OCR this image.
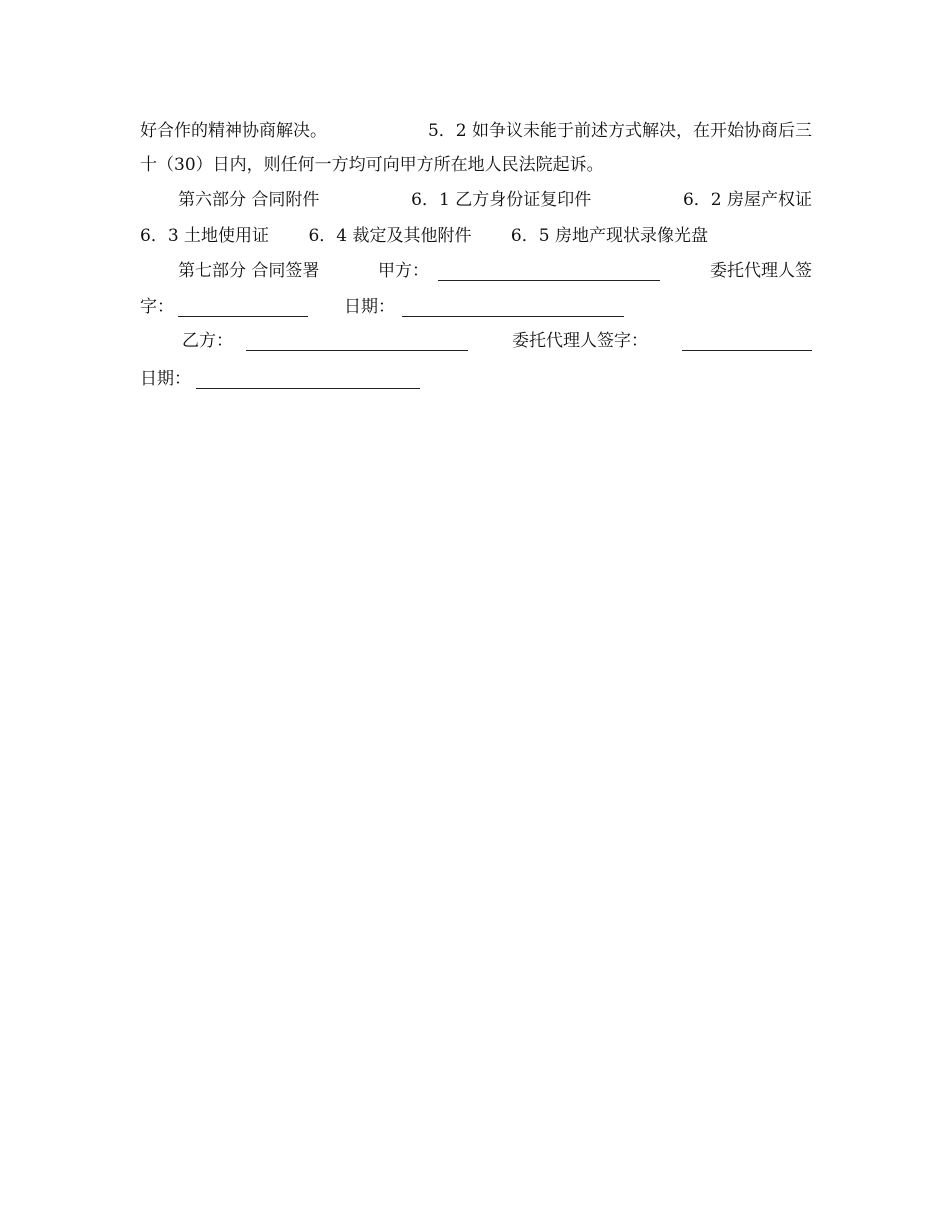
好合作的精神协商解决。	5．2 如争议未能于前述方式解决，在开始协商后三
十（30）日内，则任何一方均可向甲方所在地人民法院起诉。
第六部分 合同附件	6．1 乙方身份证复印件	6．2 房屋产权证
6．3 土地使用证 6．4 裁定及其他附件 6．5 房地产现状录像光盘
第七部分 合同签署	甲方：	委托代理人签
字：	日期：
乙方：	委托代理人签字：
日期：
